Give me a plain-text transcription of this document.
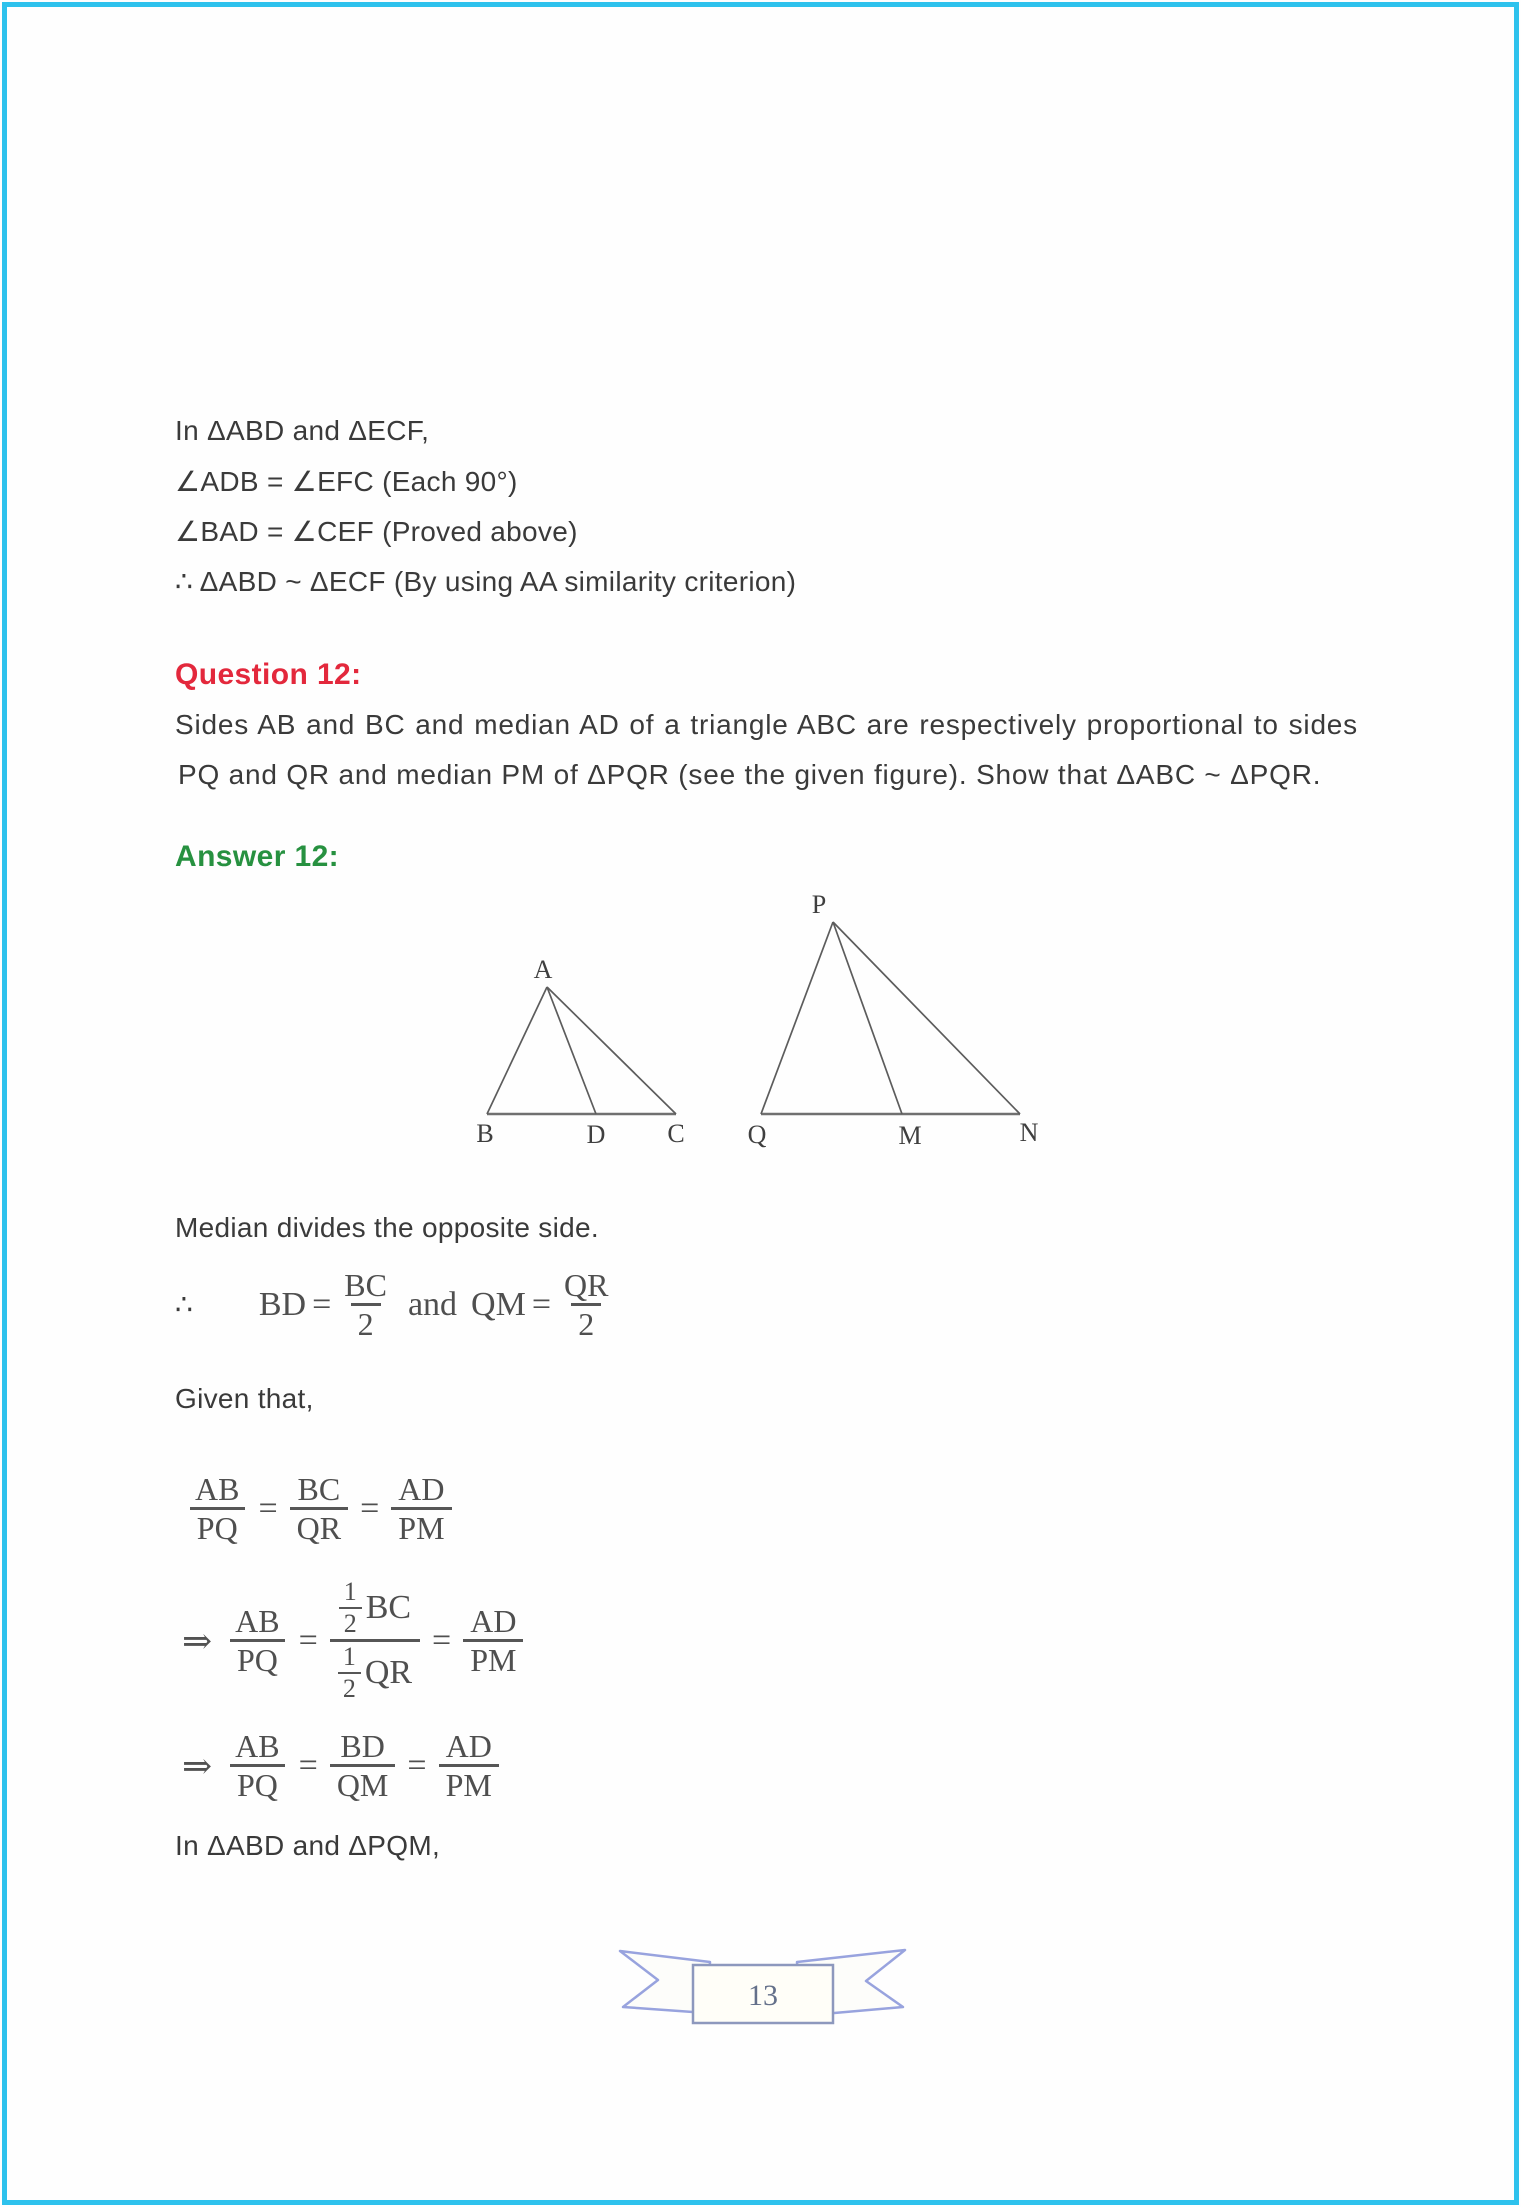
In ΔABD and ΔECF,
∠ADB = ∠EFC (Each 90°)
∠BAD = ∠CEF (Proved above)
∴ ΔABD ~ ΔECF (By using AA similarity criterion)
Question 12:
Sides AB and BC and median AD of a triangle ABC are respectively proportional to sides
PQ and QR and median PM of ΔPQR (see the given figure). Show that ΔABC ~ ΔPQR.
Answer 12:
A
B	D C
P
Q	M	N
Median divides the opposite side.
∴ BD = $\frac{BC}{2}$ and QM = $\frac{QR}{2}$
Given that,
$\frac{AB}{PQ} = \frac{BC}{QR} = \frac{AD}{PM}$
⇒ $\frac{AB}{PQ} = \frac{\frac{1}{2} BC}{\frac{1}{2} QR} = \frac{AD}{PM}$
⇒ $\frac{AB}{PQ} = \frac{BD}{QM} = \frac{AD}{PM}$
In ΔABD and ΔPQM,
13
